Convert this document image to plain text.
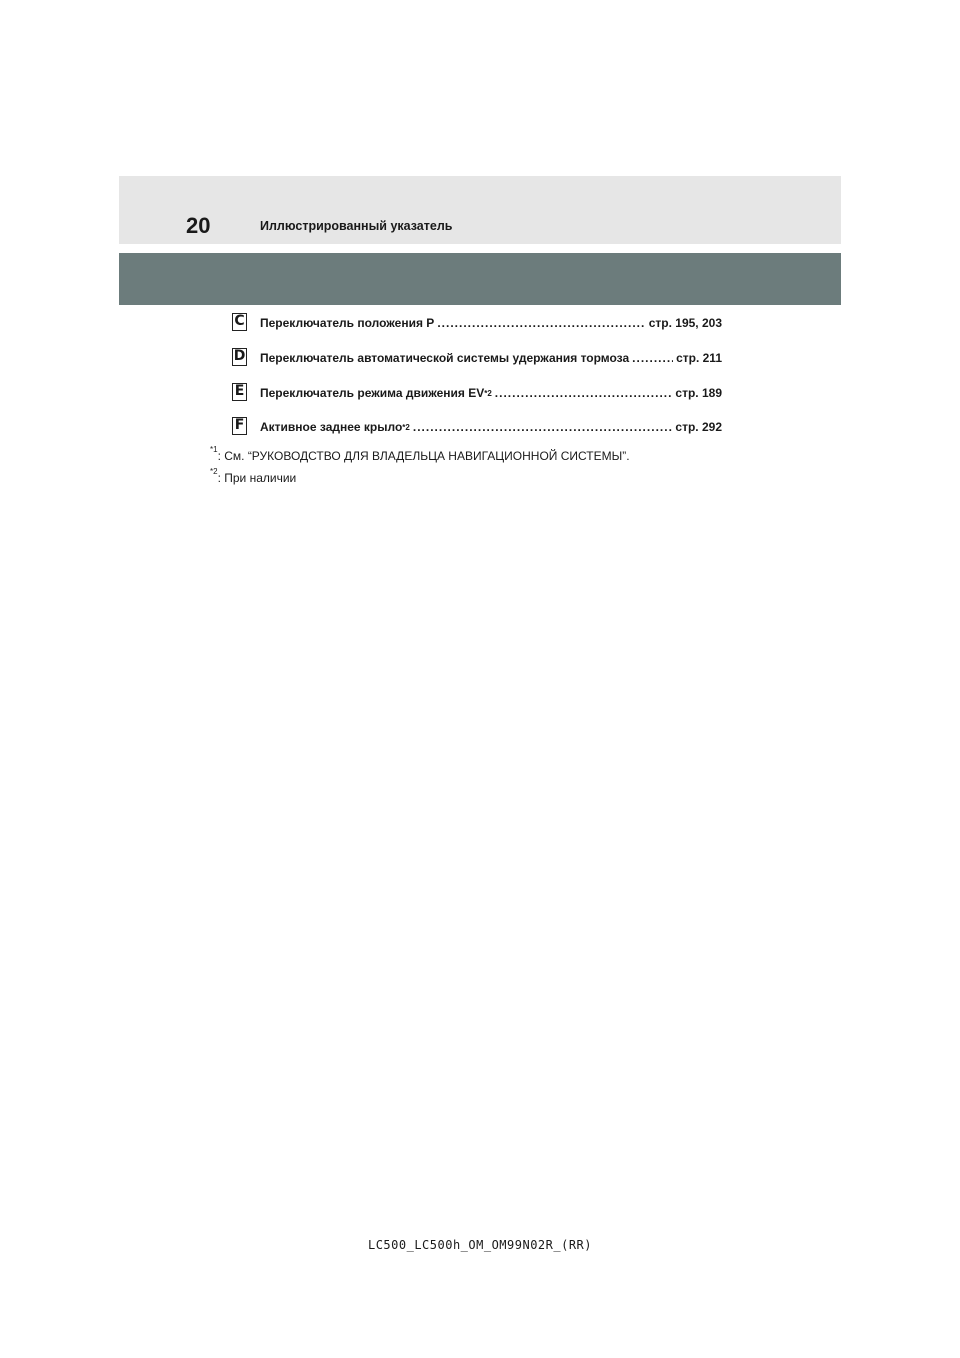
20	Иллюстрированный указатель
C Переключатель положения P .....	стр. 195, 203
D Переключатель автоматической системы удержания тормоза .....	стр. 211
E Переключатель режима движения EV$^{*2}$ .....	стр. 189
F Активное заднее крыло$^{*2}$ .....	стр. 292
$^{*1}$: См. “РУКОВОДСТВО ДЛЯ ВЛАДЕЛЬЦА НАВИГАЦИОННОЙ СИСТЕМЫ”.
$^{*2}$: При наличии
LC500_LC500h_OM_OM99N02R_(RR)
